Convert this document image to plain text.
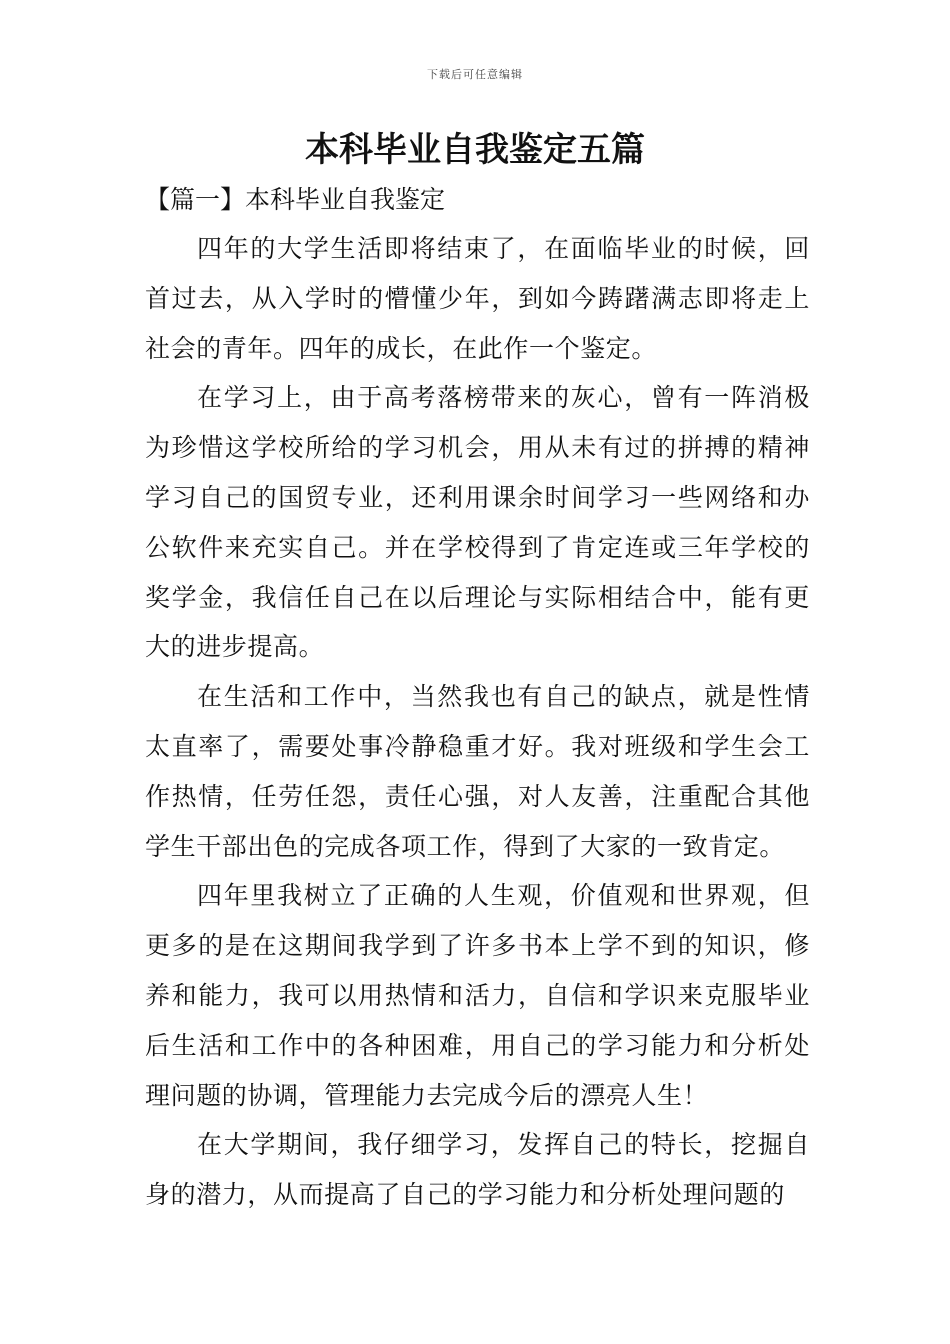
下载后可任意编辑
本科毕业自我鉴定五篇
【篇一】本科毕业自我鉴定

四年的大学生活即将结束了，在面临毕业的时候，回首过去，从入学时的懵懂少年，到如今踌躇满志即将走上社会的青年。四年的成长，在此作一个鉴定。

在学习上，由于高考落榜带来的灰心，曾有一阵消极为珍惜这学校所给的学习机会，用从未有过的拼搏的精神学习自己的国贸专业，还利用课余时间学习一些网络和办公软件来充实自己。并在学校得到了肯定连或三年学校的奖学金，我信任自己在以后理论与实际相结合中，能有更大的进步提高。

在生活和工作中，当然我也有自己的缺点，就是性情太直率了，需要处事冷静稳重才好。我对班级和学生会工作热情，任劳任怨，责任心强，对人友善，注重配合其他学生干部出色的完成各项工作，得到了大家的一致肯定。

四年里我树立了正确的人生观，价值观和世界观，但更多的是在这期间我学到了许多书本上学不到的知识，修养和能力，我可以用热情和活力，自信和学识来克服毕业后生活和工作中的各种困难，用自己的学习能力和分析处理问题的协调，管理能力去完成今后的漂亮人生！

在大学期间，我仔细学习，发挥自己的特长，挖掘自身的潜力，从而提高了自己的学习能力和分析处理问题的
